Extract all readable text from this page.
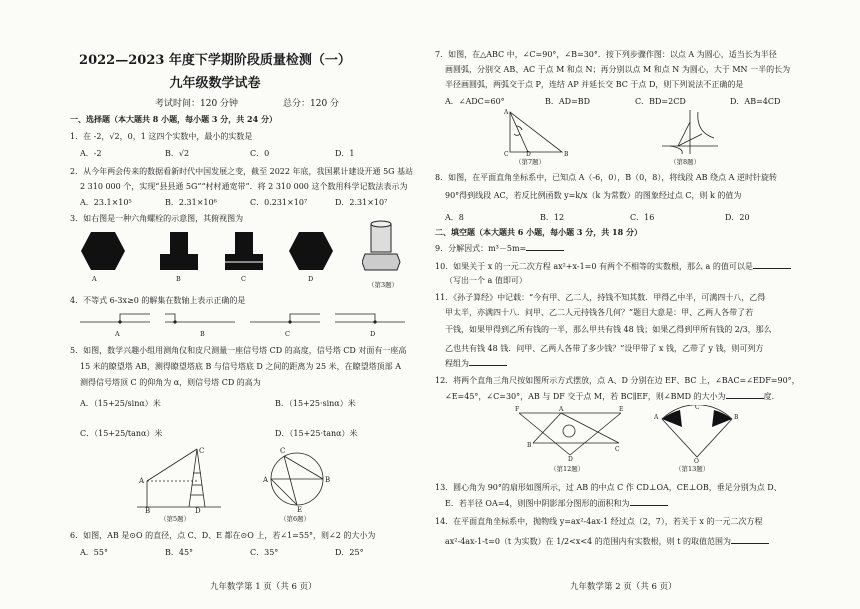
2022—2023 年度下学期阶段质量检测（一）
九年级数学试卷
考试时间：120 分钟	总分：120 分
一、选择题（本大题共 8 小题，每小题 3 分，共 24 分）
1．在 -2，√2，0，1 这四个实数中，最小的实数是
A．-2	B．√2	C．0	D．1
2．从今年两会传来的数据看新时代中国发展之变，截至 2022 年底，我国累计建设开通 5G 基站
2 310 000 个，实现“县县通 5G”“村村通宽带”．将 2 310 000 这个数用科学记数法表示为
A．23.1×10⁵	B．2.31×10⁶	C．0.231×10⁷	D．2.31×10⁷
3．如右图是一种六角螺栓的示意图，其俯视图为
A	B	C	D
（第3题）
4．不等式 6-3x≥0 的解集在数轴上表示正确的是
A	B	C	D
5．如图，数学兴趣小组用测角仪和皮尺测量一座信号塔 CD 的高度，信号塔 CD 对面有一座高
15 米的瞭望塔 AB，测得瞭望塔底 B 与信号塔底 D 之间的距离为 25 米，在瞭望塔顶部 A
测得信号塔顶 C 的仰角为 α，则信号塔 CD 的高为
A．（15+25/sinα）米	B．（15+25·sinα）米
C．（15+25/tanα）米	D．（15+25·tanα）米
A
C
B	D
（第5题）
A	B
C
E
（第6题）
6．如图，AB 是⊙O 的直径，点 C、D、E 都在⊙O 上，若∠1=55°，则∠2 的大小为
A．55°	B．45°	C．35°	D．25°
九年数学第 1 页（共 6 页）
7．如图，在△ABC 中，∠C=90°，∠B=30°．按下列步骤作图：以点 A 为圆心，适当长为半径
画圆弧，分别交 AB、AC 于点 M 和点 N；再分别以点 M 和点 N 为圆心，大于 MN 一半的长为
半径画圆弧，两弧交于点 P，连结 AP 并延长交 BC 于点 D，则下列说法不正确的是
A．∠ADC=60°	B．AD=BD	C．BD=2CD	D．AB=4CD
A
C	D	B
（第7题）	（第8题）
8．如图，在平面直角坐标系中，已知点 A（-6，0），B（0，8），将线段 AB 绕点 A 逆时针旋转
90°得到线段 AC，若反比例函数 y=k/x（k 为常数）的图象经过点 C，则 k 的值为
A．8	B．12	C．16	D．20
二、填空题（本大题共 6 小题，每小题 3 分，共 18 分）
9．分解因式：m³－5m=
10．如果关于 x 的一元二次方程 ax²+x-1=0 有两个不相等的实数根，那么 a 的值可以是
（写出一个 a 值即可）
11．《孙子算经》中记载：“今有甲、乙二人，持钱不知其数．甲得乙中半，可满四十八，乙得
甲太半，亦满四十八．问甲、乙二人元持钱各几何？”题目大意是：甲、乙两人各带了若
干钱，如果甲得到乙所有钱的一半，那么甲共有钱 48 钱；如果乙得到甲所有钱的 2/3，那么
乙也共有钱 48 钱．问甲、乙两人各带了多少钱？”设甲带了 x 钱，乙带了 y 钱，则可列方
程组为
12．将两个直角三角尺按如图所示方式摆放，点 A、D 分别在边 EF、BC 上，∠BAC=∠EDF=90°，
∠E=45°，∠C=30°，AB 与 DF 交于点 M，若 BC∥EF，则∠BMD 的大小为	度．
F	A	E
B
C
D
（第12题）
A
C
B
O
（第13题）
13．圆心角为 90°的扇形如图所示，过 AB 的中点 C 作 CD⊥OA，CE⊥OB，垂足分别为点 D、
E．若半径 OA=4，则图中阴影部分图形的面积和为
14．在平面直角坐标系中，抛物线 y=ax²-4ax-1 经过点（2，7），若关于 x 的一元二次方程
ax²-4ax-1-t=0（t 为实数）在 1/2<x<4 的范围内有实数根，则 t 的取值范围为
九年数学第 2 页（共 6 页）
